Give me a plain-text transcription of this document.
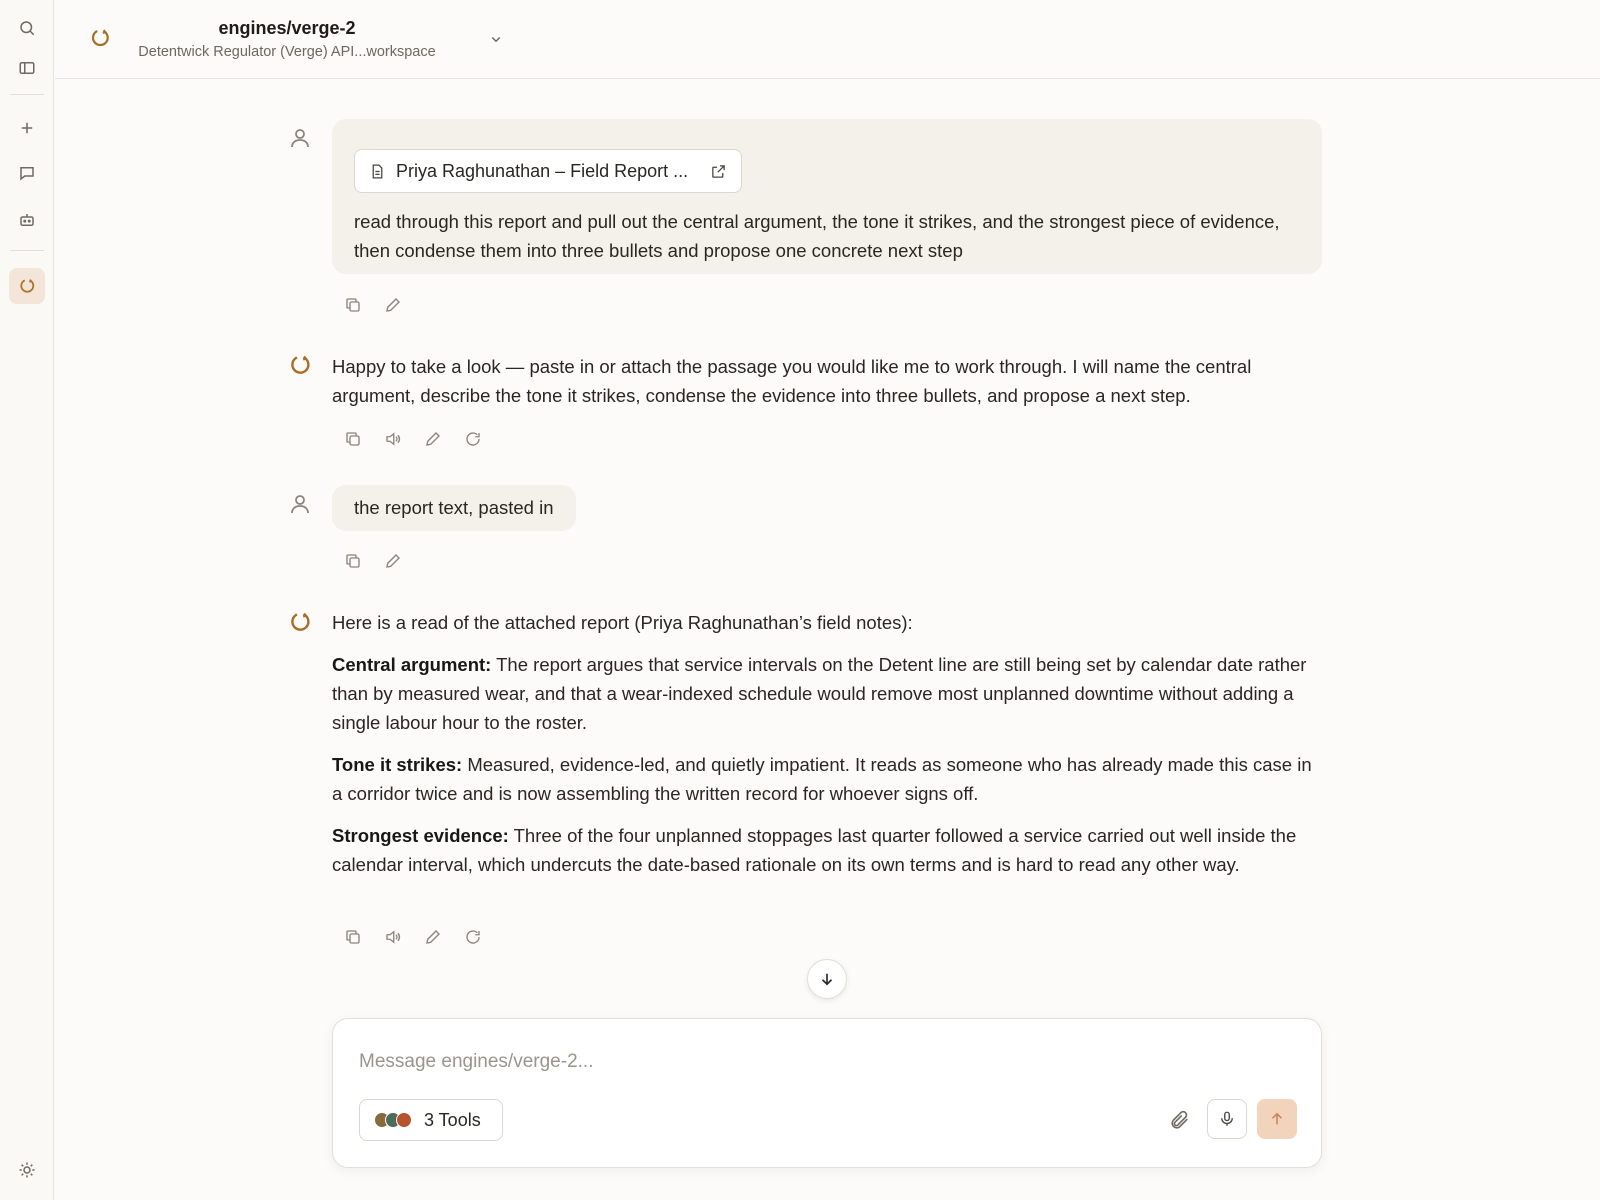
engines/verge-2
Detentwick Regulator (Verge) API...workspace
Priya Raghunathan – Field Report ...
read through this report and pull out the central argument, the tone it strikes, and the strongest piece of evidence, then condense them into three bullets and propose one concrete next step

Happy to take a look — paste in or attach the passage you would like me to work through. I will name the central argument, describe the tone it strikes, condense the evidence into three bullets, and propose a next step.

the report text, pasted in

Here is a read of the attached report (Priya Raghunathan’s field notes):

Central argument: The report argues that service intervals on the Detent line are still being set by calendar date rather than by measured wear, and that a wear-indexed schedule would remove most unplanned downtime without adding a single labour hour to the roster.

Tone it strikes: Measured, evidence-led, and quietly impatient. It reads as someone who has already made this case in a corridor twice and is now assembling the written record for whoever signs off.

Strongest evidence: Three of the four unplanned stoppages last quarter followed a service carried out well inside the calendar interval, which undercuts the date-based rationale on its own terms and is hard to read any other way.

Message engines/verge-2...
3 Tools
